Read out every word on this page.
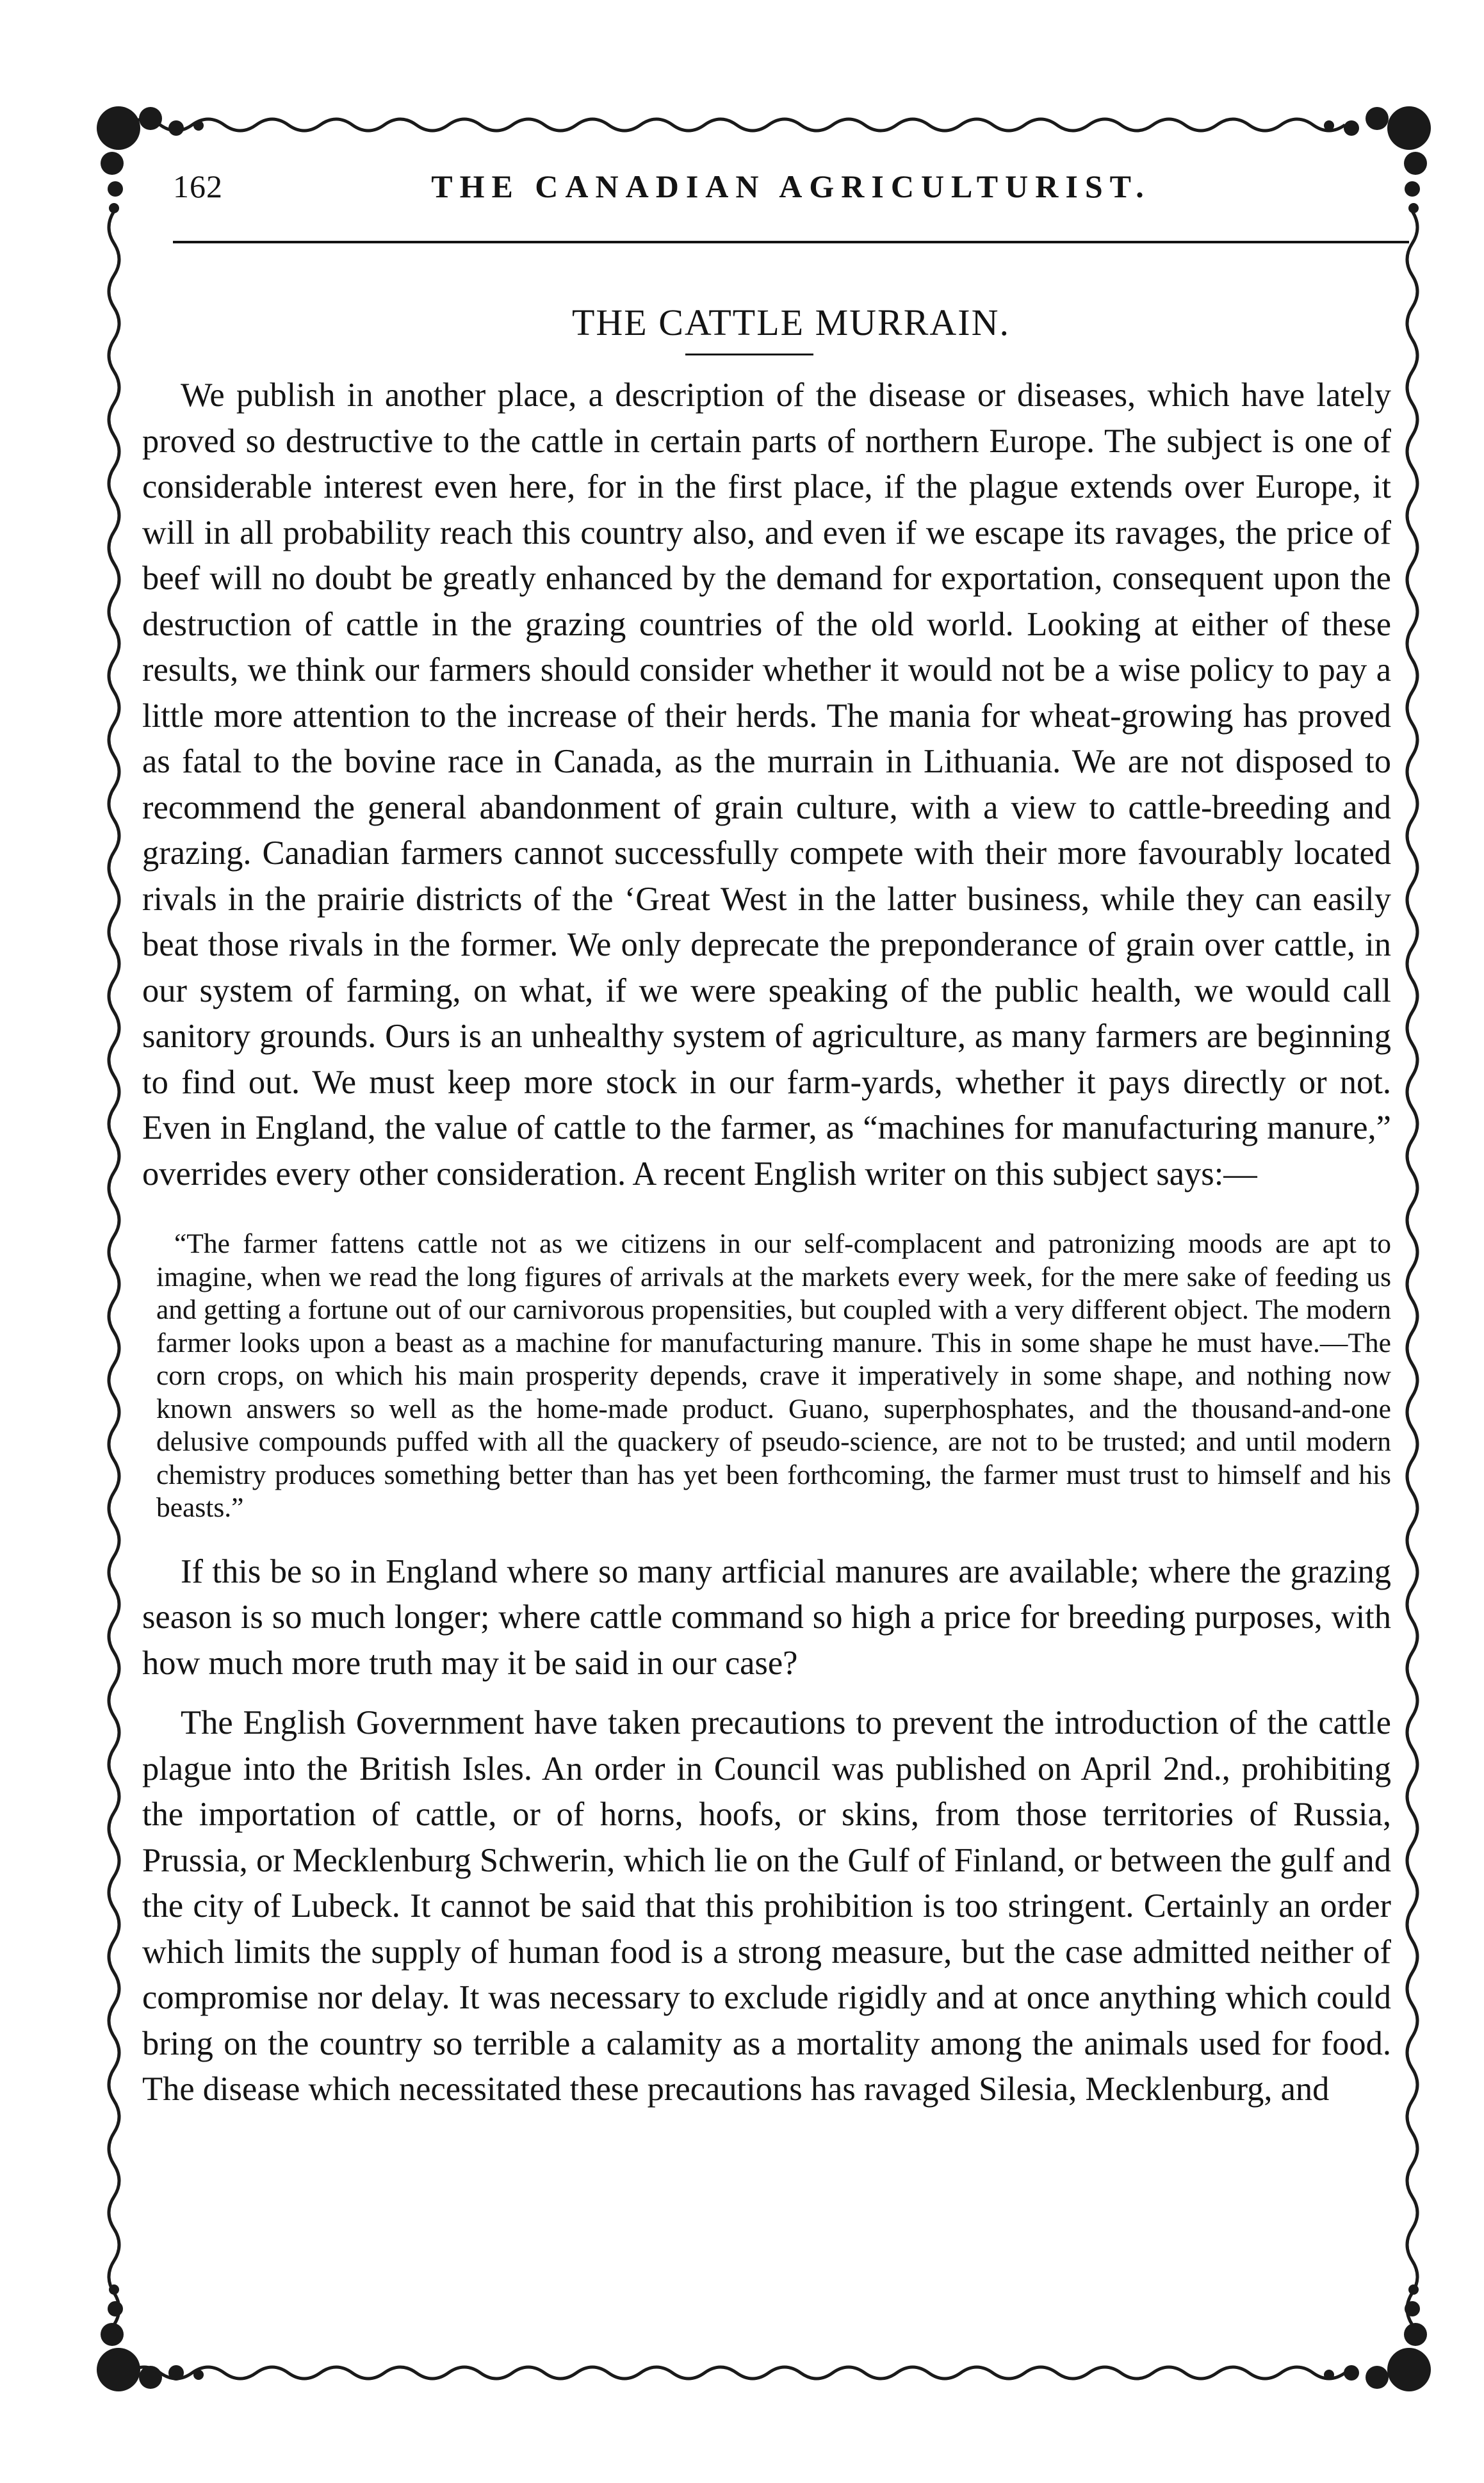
162	THE CANADIAN AGRICULTURIST.
THE CATTLE MURRAIN.

We publish in another place, a description of the disease or diseases, which have lately proved so destructive to the cattle in certain parts of northern Europe. The subject is one of considerable interest even here, for in the first place, if the plague extends over Europe, it will in all probability reach this country also, and even if we escape its ravages, the price of beef will no doubt be greatly enhanced by the demand for exportation, consequent upon the destruction of cattle in the grazing countries of the old world. Looking at either of these results, we think our farmers should consider whether it would not be a wise policy to pay a little more attention to the increase of their herds. The mania for wheat-growing has proved as fatal to the bovine race in Canada, as the murrain in Lithuania. We are not disposed to recommend the general abandonment of grain culture, with a view to cattle-breeding and grazing. Canadian farmers cannot successfully compete with their more favourably located rivals in the prairie districts of the ‘Great West in the latter business, while they can easily beat those rivals in the former. We only deprecate the preponderance of grain over cattle, in our system of farming, on what, if we were speaking of the public health, we would call sanitory grounds. Ours is an unhealthy system of agriculture, as many farmers are beginning to find out. We must keep more stock in our farm-yards, whether it pays directly or not. Even in England, the value of cattle to the farmer, as “machines for manufacturing manure,” overrides every other consideration. A recent English writer on this subject says:—

“The farmer fattens cattle not as we citizens in our self-complacent and patronizing moods are apt to imagine, when we read the long figures of arrivals at the markets every week, for the mere sake of feeding us and getting a fortune out of our carnivorous propensities, but coupled with a very different object. The modern farmer looks upon a beast as a machine for manufacturing manure. This in some shape he must have.—The corn crops, on which his main prosperity depends, crave it imperatively in some shape, and nothing now known answers so well as the home-made product. Guano, superphosphates, and the thousand-and-one delusive compounds puffed with all the quackery of pseudo-science, are not to be trusted; and until modern chemistry produces something better than has yet been forthcoming, the farmer must trust to himself and his beasts.”

If this be so in England where so many artficial manures are available; where the grazing season is so much longer; where cattle command so high a price for breeding purposes, with how much more truth may it be said in our case?

The English Government have taken precautions to prevent the introduction of the cattle plague into the British Isles. An order in Council was published on April 2nd., prohibiting the importation of cattle, or of horns, hoofs, or skins, from those territories of Russia, Prussia, or Mecklenburg Schwerin, which lie on the Gulf of Finland, or between the gulf and the city of Lubeck. It cannot be said that this prohibition is too stringent. Certainly an order which limits the supply of human food is a strong measure, but the case admitted neither of compromise nor delay. It was necessary to exclude rigidly and at once anything which could bring on the country so terrible a calamity as a mortality among the animals used for food. The disease which necessitated these precautions has ravaged Silesia, Mecklenburg, and
